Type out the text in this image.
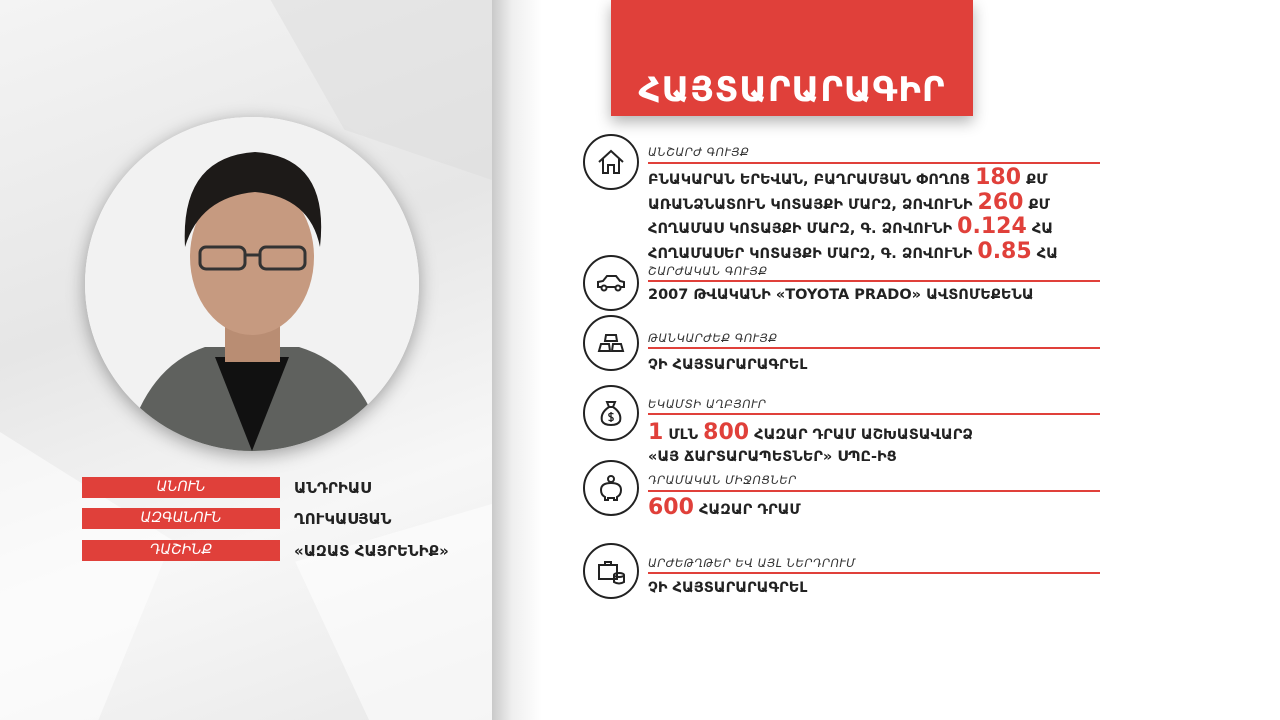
ԱՆՈՒՆ	ԱՆԴՐԻԱՍ
ԱԶԳԱՆՈՒՆ	ՂՈՒԿԱՍՅԱՆ
ԴԱՇԻՆՔ	«ԱԶԱՏ ՀԱՅՐԵՆԻՔ»
ՀԱՅՏԱՐԱՐԱԳԻՐ
ԱՆՇԱՐԺ ԳՈՒՅՔ
ԲՆԱԿԱՐԱՆ ԵՐԵՎԱՆ, ԲԱՂՐԱՄՅԱՆ ՓՈՂՈՑ 180 ՔՄ
ԱՌԱՆՁՆԱՏՈՒՆ ԿՈՏԱՅՔԻ ՄԱՐԶ, ՁՈՎՈՒՆԻ 260 ՔՄ
ՀՈՂԱՄԱՍ ԿՈՏԱՅՔԻ ՄԱՐԶ, Գ. ՁՈՎՈՒՆԻ 0.124 ՀԱ
ՀՈՂԱՄԱՍԵՐ ԿՈՏԱՅՔԻ ՄԱՐԶ, Գ. ՁՈՎՈՒՆԻ 0.85 ՀԱ
ՇԱՐԺԱԿԱՆ ԳՈՒՅՔ
2007 ԹՎԱԿԱՆԻ «TOYOTA PRADO» ԱՎՏՈՄԵՔԵՆԱ
ԹԱՆԿԱՐԺԵՔ ԳՈՒՅՔ
ՉԻ ՀԱՅՏԱՐԱՐԱԳՐԵԼ
ԵԿԱՄՏԻ ԱՂԲՅՈՒՐ
1 ՄԼՆ 800 ՀԱԶԱՐ ԴՐԱՄ ԱՇԽԱՏԱՎԱՐՁ
«ԱՅ ՃԱՐՏԱՐԱՊԵՏՆԵՐ» ՍՊԸ-ԻՑ
ԴՐԱՄԱԿԱՆ ՄԻՋՈՑՆԵՐ
600 ՀԱԶԱՐ ԴՐԱՄ
ԱՐԺԵԹՂԹԵՐ ԵՎ ԱՅԼ ՆԵՐԴՐՈՒՄ
ՉԻ ՀԱՅՏԱՐԱՐԱԳՐԵԼ
